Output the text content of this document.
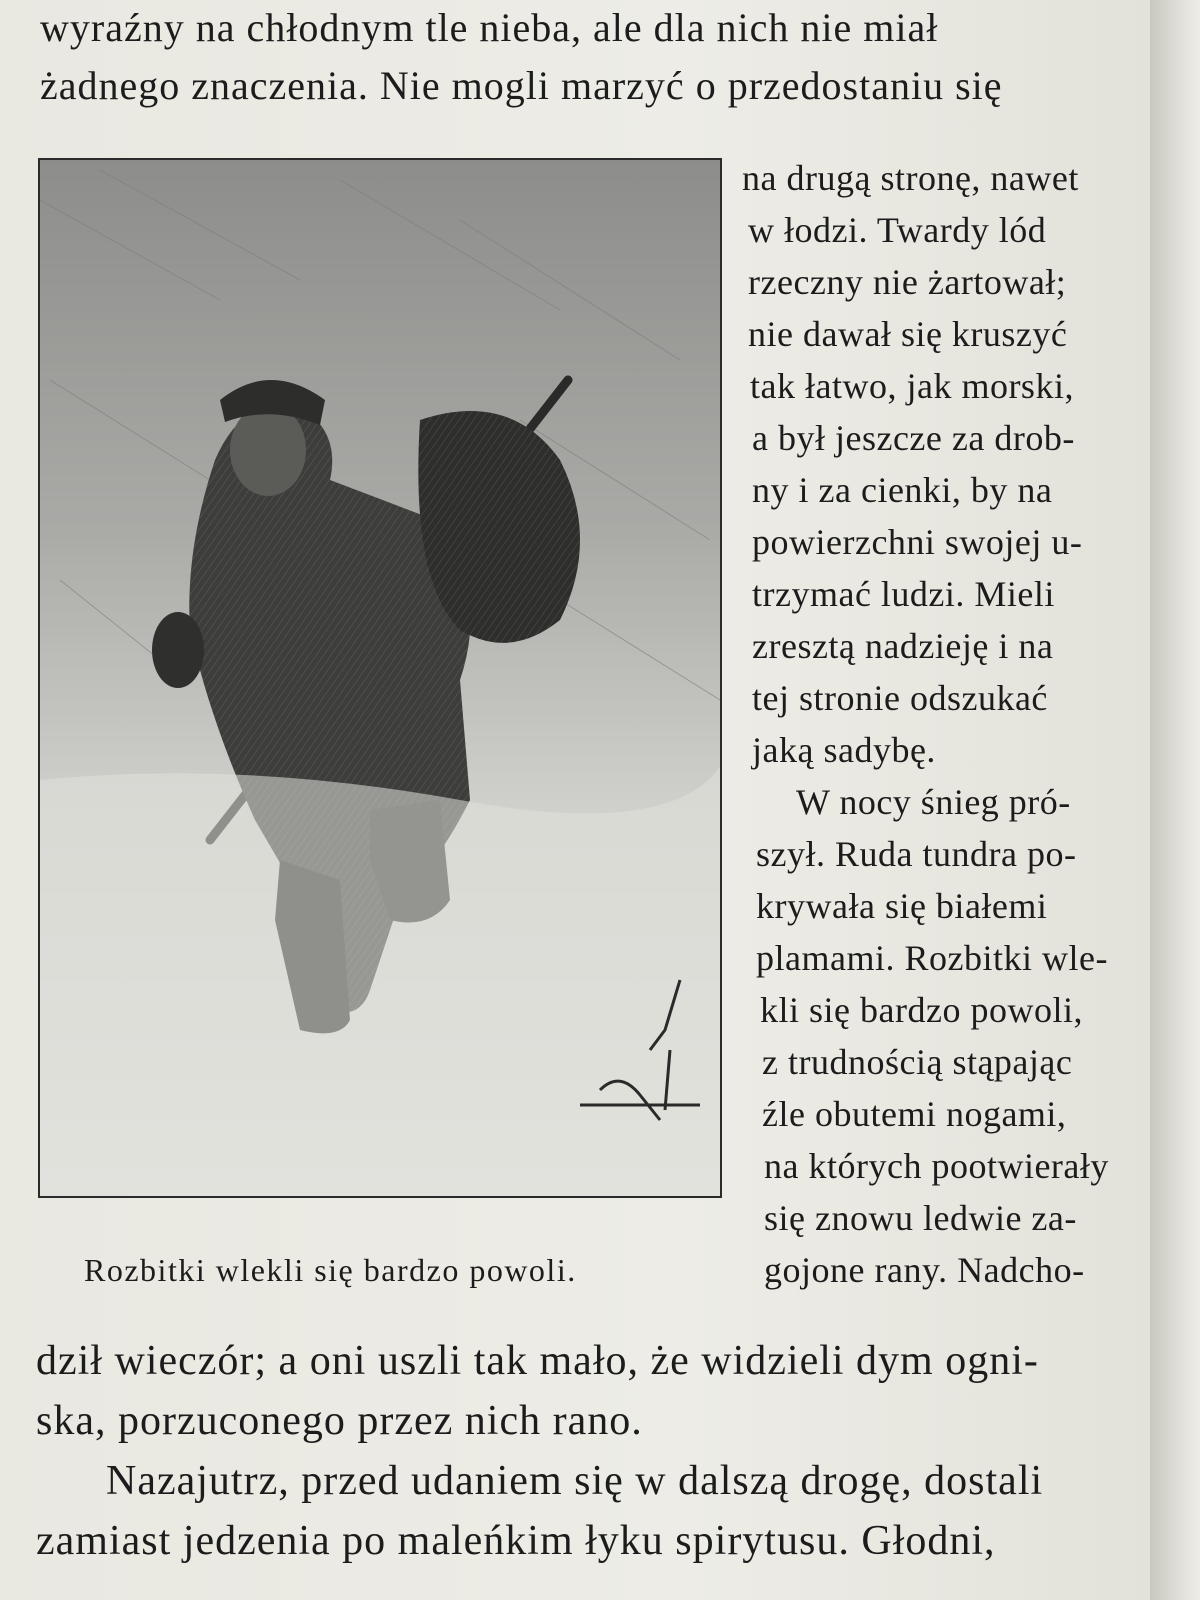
wyraźny na chłodnym tle nieba, ale dla nich nie miał
żadnego znaczenia. Nie mogli marzyć o przedostaniu się
Rozbitki wlekli się bardzo powoli.
na drugą stronę, nawet
w łodzi. Twardy lód
rzeczny nie żartował;
nie dawał się kruszyć
tak łatwo, jak morski,
a był jeszcze za drob-
ny i za cienki, by na
powierzchni swojej u-
trzymać ludzi. Mieli
zresztą nadzieję i na
tej stronie odszukać
jaką sadybę.
W nocy śnieg pró-
szył. Ruda tundra po-
krywała się białemi
plamami. Rozbitki wle-
kli się bardzo powoli,
z trudnością stąpając
źle obutemi nogami,
na których pootwierały
się znowu ledwie za-
gojone rany. Nadcho-
dził wieczór; a oni uszli tak mało, że widzieli dym ogni-
ska, porzuconego przez nich rano.
Nazajutrz, przed udaniem się w dalszą drogę, dostali
zamiast jedzenia po maleńkim łyku spirytusu. Głodni,
